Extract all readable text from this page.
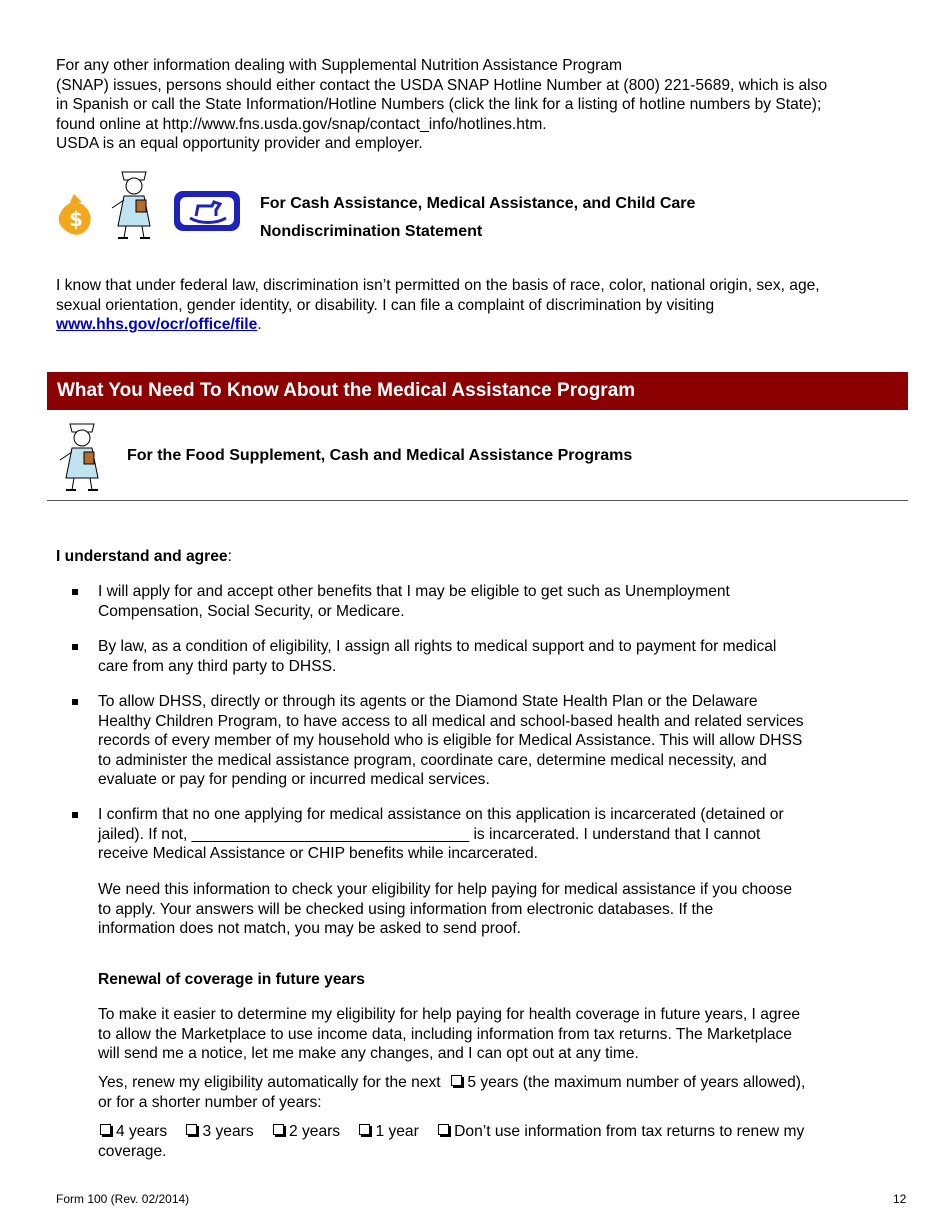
For any other information dealing with Supplemental Nutrition Assistance Program
(SNAP) issues, persons should either contact the USDA SNAP Hotline Number at (800) 221-5689, which is also
in Spanish or call the State Information/Hotline Numbers (click the link for a listing of hotline numbers by State);
found online at http://www.fns.usda.gov/snap/contact_info/hotlines.htm.
USDA is an equal opportunity provider and employer.
$
For Cash Assistance, Medical Assistance, and Child Care
Nondiscrimination Statement
I know that under federal law, discrimination isn’t permitted on the basis of race, color, national origin, sex, age,
sexual orientation, gender identity, or disability. I can file a complaint of discrimination by visiting
www.hhs.gov/ocr/office/file.
What You Need To Know About the Medical Assistance Program
For the Food Supplement, Cash and Medical Assistance Programs
I understand and agree:
I will apply for and accept other benefits that I may be eligible to get such as Unemployment
Compensation, Social Security, or Medicare.
By law, as a condition of eligibility, I assign all rights to medical support and to payment for medical
care from any third party to DHSS.
To allow DHSS, directly or through its agents or the Diamond State Health Plan or the Delaware
Healthy Children Program, to have access to all medical and school-based health and related services
records of every member of my household who is eligible for Medical Assistance. This will allow DHSS
to administer the medical assistance program, coordinate care, determine medical necessity, and
evaluate or pay for pending or incurred medical services.
I confirm that no one applying for medical assistance on this application is incarcerated (detained or
jailed). If not, ________________________________ is incarcerated. I understand that I cannot
receive Medical Assistance or CHIP benefits while incarcerated.
We need this information to check your eligibility for help paying for medical assistance if you choose
to apply. Your answers will be checked using information from electronic databases. If the
information does not match, you may be asked to send proof.
Renewal of coverage in future years
To make it easier to determine my eligibility for help paying for health coverage in future years, I agree
to allow the Marketplace to use income data, including information from tax returns. The Marketplace
will send me a notice, let me make any changes, and I can opt out at any time.
Yes, renew my eligibility automatically for the next 5 years (the maximum number of years allowed),
or for a shorter number of years:
4 years 3 years 2 years 1 year Don’t use information from tax returns to renew my
coverage.
Form 100 (Rev. 02/2014)	12
